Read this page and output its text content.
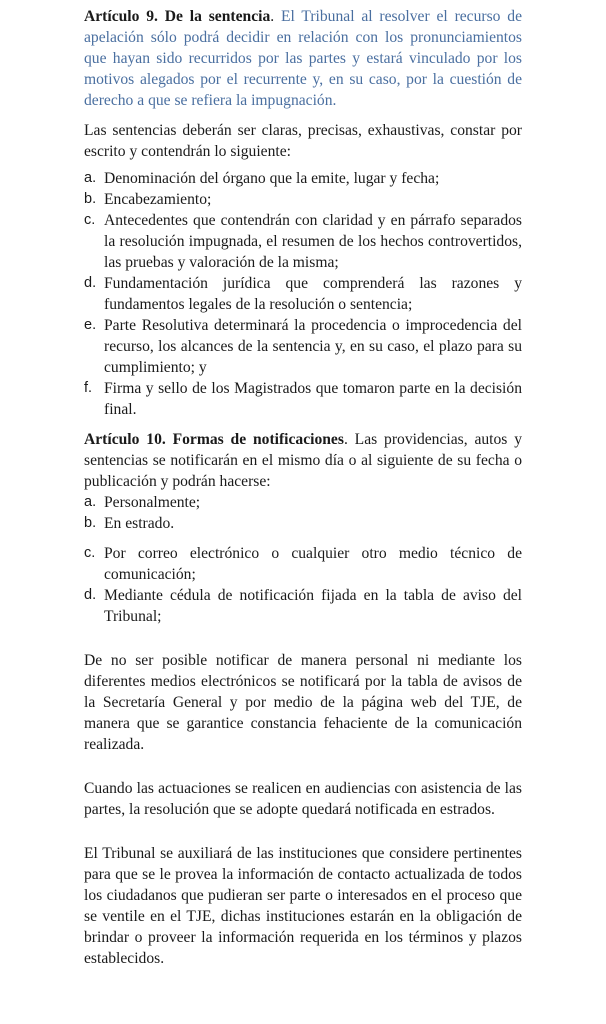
Artículo 9. De la sentencia. El Tribunal al resolver el recurso de apelación sólo podrá decidir en relación con los pronunciamientos que hayan sido recurridos por las partes y estará vinculado por los motivos alegados por el recurrente y, en su caso, por la cuestión de derecho a que se refiera la impugnación.

Las sentencias deberán ser claras, precisas, exhaustivas, constar por escrito y contendrán lo siguiente:

a. Denominación del órgano que la emite, lugar y fecha;
b. Encabezamiento;
c. Antecedentes que contendrán con claridad y en párrafo separados la resolución impugnada, el resumen de los hechos controvertidos, las pruebas y valoración de la misma;
d. Fundamentación jurídica que comprenderá las razones y fundamentos legales de la resolución o sentencia;
e. Parte Resolutiva determinará la procedencia o improcedencia del recurso, los alcances de la sentencia y, en su caso, el plazo para su cumplimiento; y
f. Firma y sello de los Magistrados que tomaron parte en la decisión final.

Artículo 10. Formas de notificaciones. Las providencias, autos y sentencias se notificarán en el mismo día o al siguiente de su fecha o publicación y podrán hacerse:

a. Personalmente;
b. En estrado.
c. Por correo electrónico o cualquier otro medio técnico de comunicación;
d. Mediante cédula de notificación fijada en la tabla de aviso del Tribunal;

De no ser posible notificar de manera personal ni mediante los diferentes medios electrónicos se notificará por la tabla de avisos de la Secretaría General y por medio de la página web del TJE, de manera que se garantice constancia fehaciente de la comunicación realizada.

Cuando las actuaciones se realicen en audiencias con asistencia de las partes, la resolución que se adopte quedará notificada en estrados.

El Tribunal se auxiliará de las instituciones que considere pertinentes para que se le provea la información de contacto actualizada de todos los ciudadanos que pudieran ser parte o interesados en el proceso que se ventile en el TJE, dichas instituciones estarán en la obligación de brindar o proveer la información requerida en los términos y plazos establecidos.
